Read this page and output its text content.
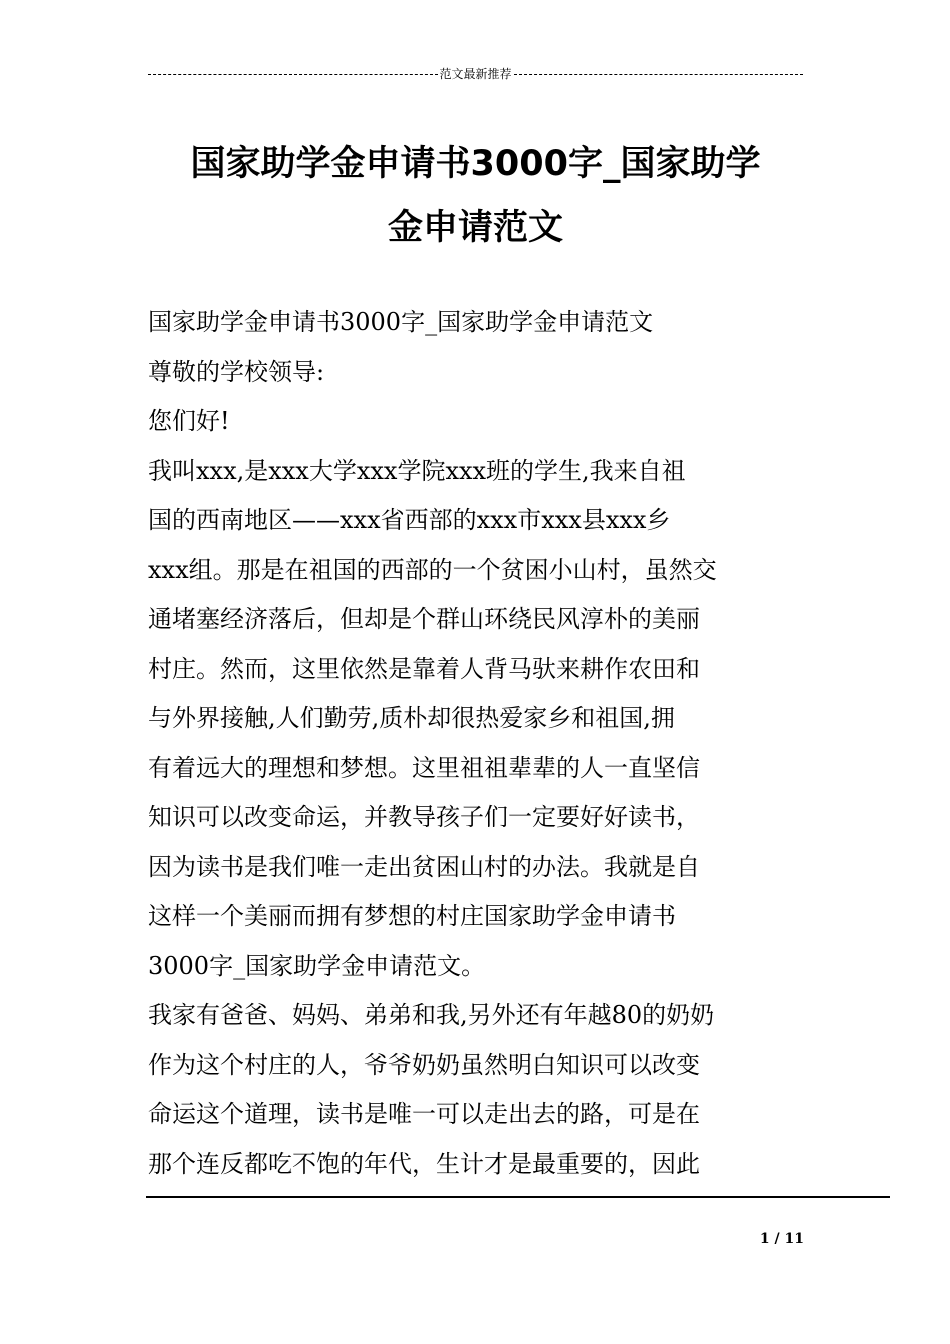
范文最新推荐
国家助学金申请书3000字_国家助学
金申请范文

国家助学金申请书3000字_国家助学金申请范文

尊敬的学校领导:

您们好!

我叫xxx,是xxx大学xxx学院xxx班的学生,我来自祖

国的西南地区——xxx省西部的xxx市xxx县xxx乡

xxx组。那是在祖国的西部的一个贫困小山村，虽然交

通堵塞经济落后，但却是个群山环绕民风淳朴的美丽

村庄。然而，这里依然是靠着人背马驮来耕作农田和

与外界接触,人们勤劳,质朴却很热爱家乡和祖国,拥

有着远大的理想和梦想。这里祖祖辈辈的人一直坚信

知识可以改变命运，并教导孩子们一定要好好读书，

因为读书是我们唯一走出贫困山村的办法。我就是自

这样一个美丽而拥有梦想的村庄国家助学金申请书

3000字_国家助学金申请范文。

我家有爸爸、妈妈、弟弟和我,另外还有年越80的奶奶

作为这个村庄的人，爷爷奶奶虽然明白知识可以改变

命运这个道理，读书是唯一可以走出去的路，可是在

那个连反都吃不饱的年代，生计才是最重要的，因此

1 / 11
